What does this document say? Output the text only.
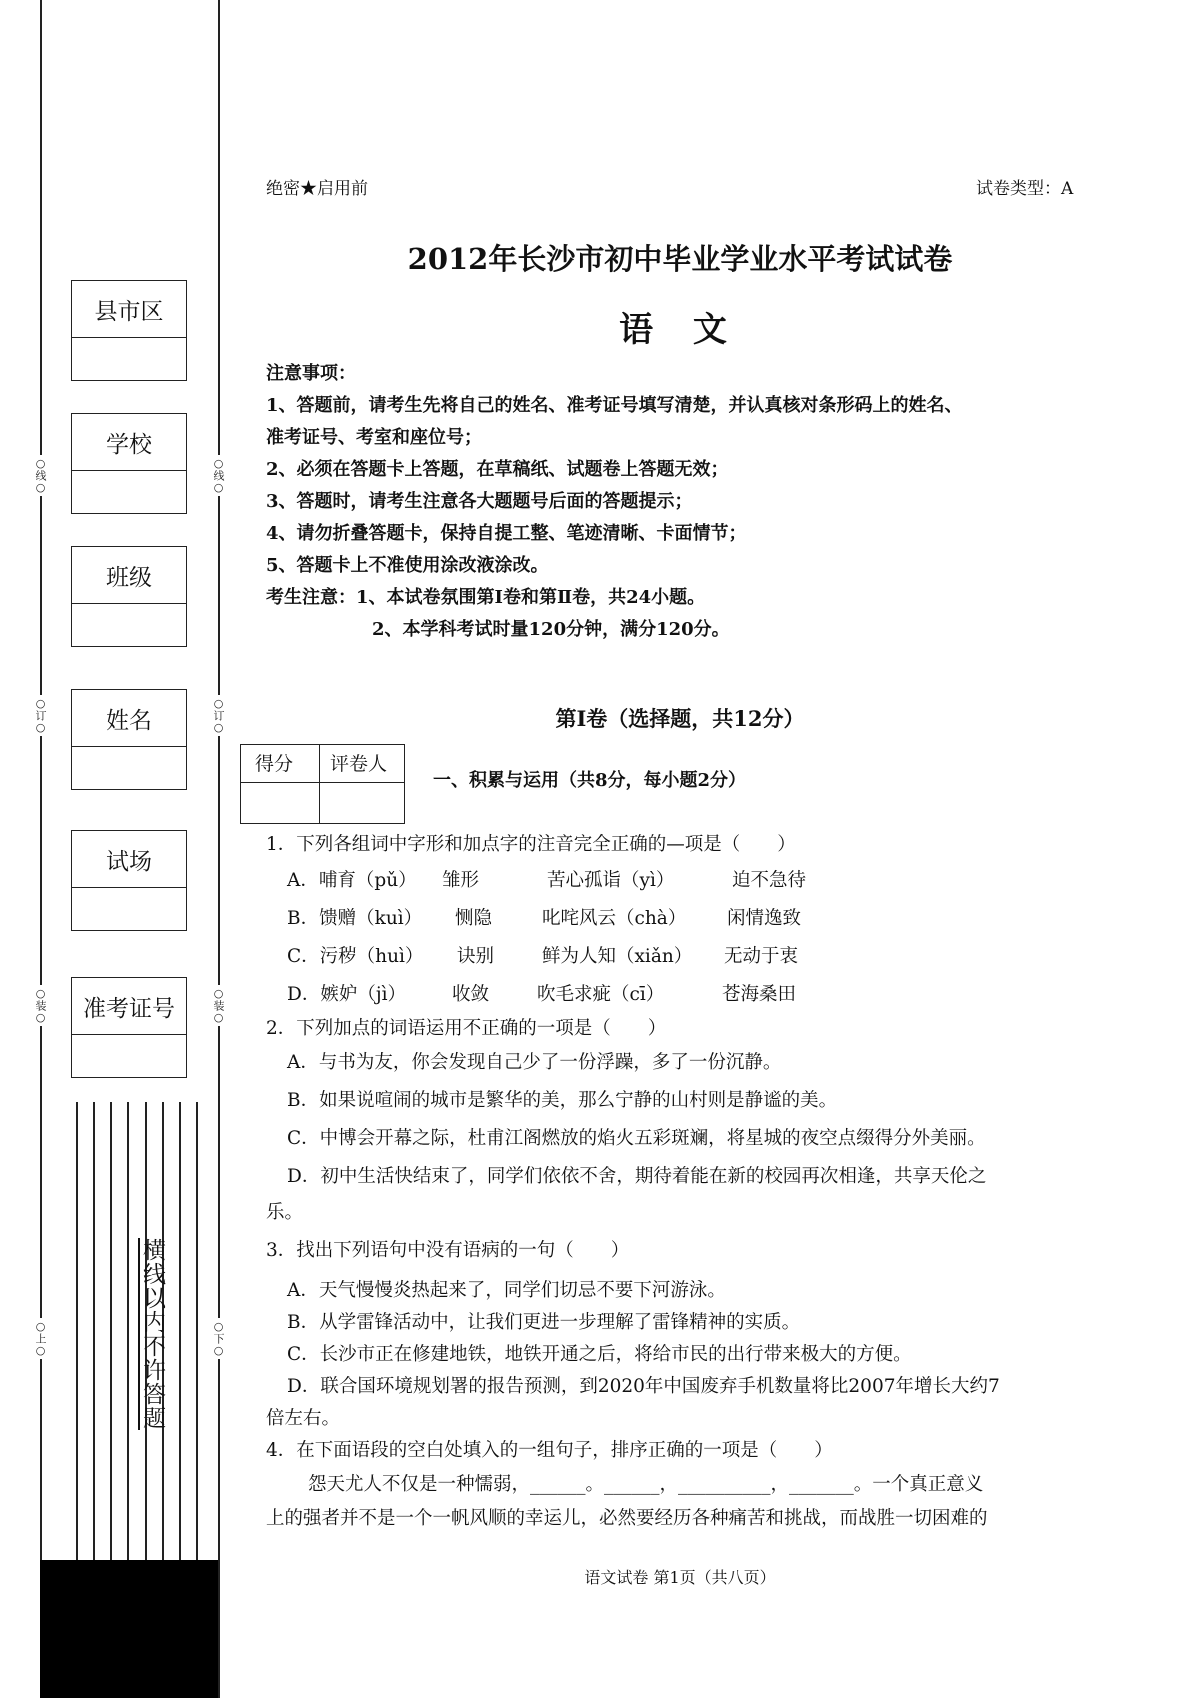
县市区
学校
班级
姓名
试场
准考证号
○线○	○线○
○订○	○订○
○装○	○装○
○上○	○下○
横线以内不许答题
绝密★启用前	试卷类型：A
2012年长沙市初中毕业学业水平考试试卷
语 文
注意事项：
1、答题前，请考生先将自己的姓名、准考证号填写清楚，并认真核对条形码上的姓名、
准考证号、考室和座位号；
2、必须在答题卡上答题，在草稿纸、试题卷上答题无效；
3、答题时，请考生注意各大题题号后面的答题提示；
4、请勿折叠答题卡，保持自提工整、笔迹清晰、卡面情节；
5、答题卡上不准使用涂改液涂改。
考生注意：1、本试卷氛围第Ⅰ卷和第Ⅱ卷，共24小题。
2、本学科考试时量120分钟，满分120分。
第Ⅰ卷（选择题，共12分）
得分 评卷人
一、积累与运用（共8分，每小题2分）
1．下列各组词中字形和加点字的注音完全正确的—项是（　　）
A．哺育（pǔ） 雏形	苦心孤诣（yì）	迫不急待
B．馈赠（kuì） 恻隐	叱咤风云（chà） 闲情逸致
C．污秽（huì） 诀别	鲜为人知（xiǎn） 无动于衷
D．嫉妒（jì） 收敛	吹毛求疵（cī）	苍海桑田
2．下列加点的词语运用不正确的一项是（　　）
A．与书为友，你会发现自己少了一份浮躁，多了一份沉静。
B．如果说喧闹的城市是繁华的美，那么宁静的山村则是静谧的美。
C．中博会开幕之际，杜甫江阁燃放的焰火五彩斑斓，将星城的夜空点缀得分外美丽。
D．初中生活快结束了，同学们依依不舍，期待着能在新的校园再次相逢，共享天伦之
乐。
3．找出下列语句中没有语病的一句（　　）
A．天气慢慢炎热起来了，同学们切忌不要下河游泳。
B．从学雷锋活动中，让我们更进一步理解了雷锋精神的实质。
C．长沙市正在修建地铁，地铁开通之后，将给市民的出行带来极大的方便。
D．联合国环境规划署的报告预测，到2020年中国废弃手机数量将比2007年增长大约7
倍左右。
4．在下面语段的空白处填入的一组句子，排序正确的一项是（　　）
怨天尤人不仅是一种懦弱，______。______，__________，_______。一个真正意义
上的强者并不是一个一帆风顺的幸运儿，必然要经历各种痛苦和挑战，而战胜一切困难的
语文试卷 第1页（共八页）
